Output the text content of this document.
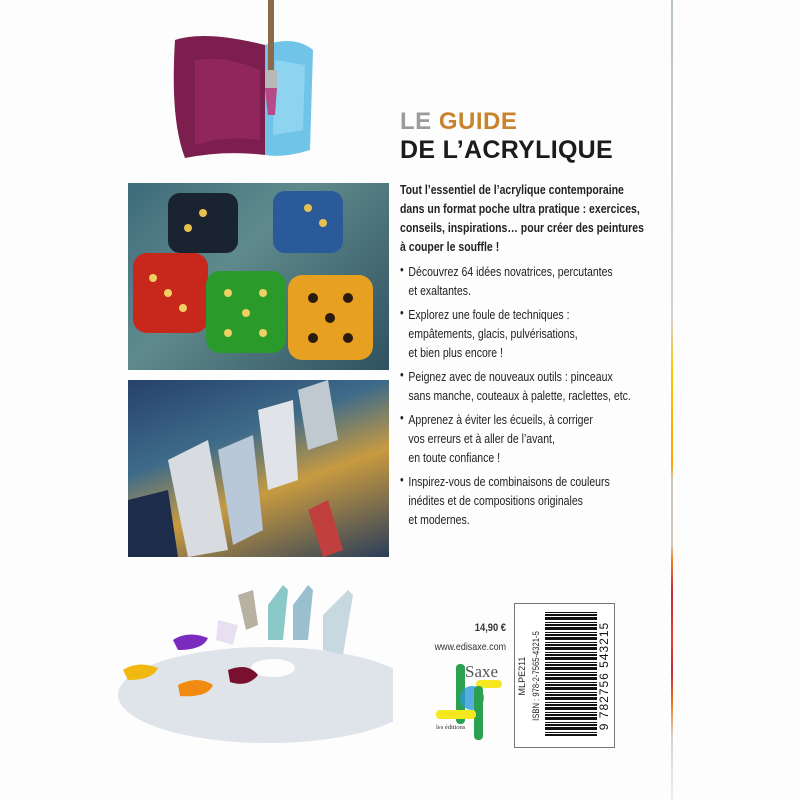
LE GUIDE
DE L’ACRYLIQUE
Tout l’essentiel de l’acrylique contemporaine
dans un format poche ultra pratique : exercices,
conseils, inspirations… pour créer des peintures
à couper le souffle !
• Découvrez 64 idées novatrices, percutantes
et exaltantes.
• Explorez une foule de techniques :
empâtements, glacis, pulvérisations,
et bien plus encore !
• Peignez avec de nouveaux outils : pinceaux
sans manche, couteaux à palette, raclettes, etc.
• Apprenez à éviter les écueils, à corriger
vos erreurs et à aller de l’avant,
en toute confiance !
• Inspirez-vous de combinaisons de couleurs
inédites et de compositions originales
et modernes.
Saxe
les éditions
MLPE211 ISBN : 978-2-7565-4321-5	9 782756 543215
14,90 €
www.edisaxe.com
